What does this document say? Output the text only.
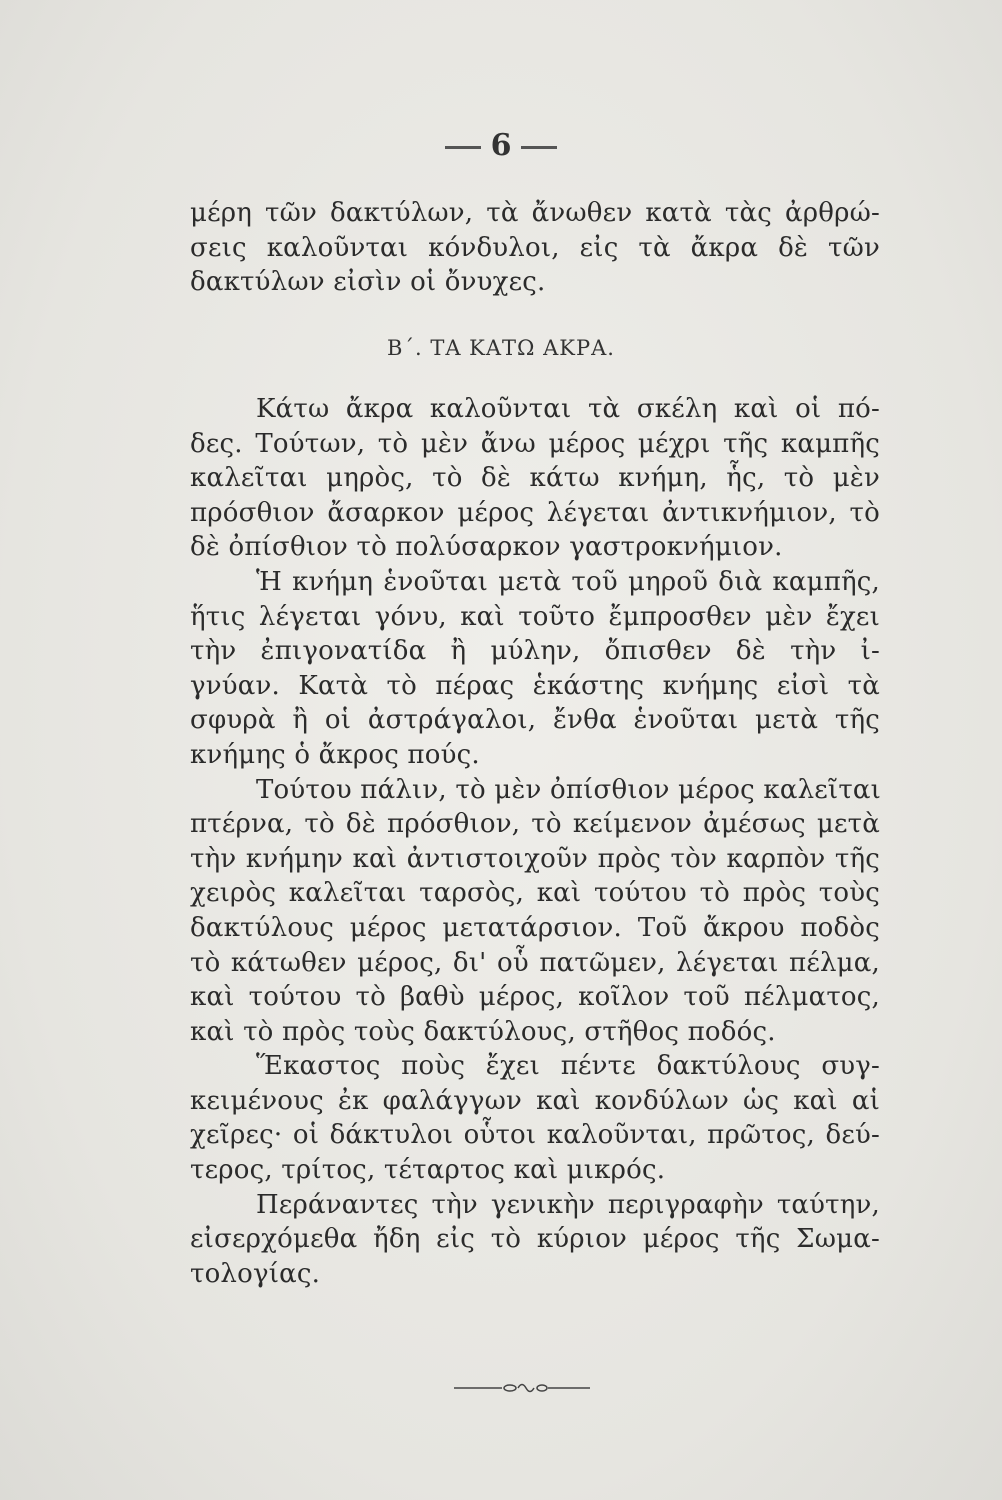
6
μέρη τῶν δακτύλων, τὰ ἄνωθεν κατὰ τὰς ἀρθρώ-
σεις καλοῦνται κόνδυλοι, εἰς τὰ ἄκρα δὲ τῶν
δακτύλων εἰσὶν οἱ ὄνυχες.
Β΄. ΤΑ ΚΑΤΩ ΑΚΡΑ.
Κάτω ἄκρα καλοῦνται τὰ σκέλη καὶ οἱ πό-
δες. Τούτων, τὸ μὲν ἄνω μέρος μέχρι τῆς καμπῆς
καλεῖται μηρὸς, τὸ δὲ κάτω κνήμη, ἧς, τὸ μὲν
πρόσθιον ἄσαρκον μέρος λέγεται ἀντικνήμιον, τὸ
δὲ ὀπίσθιον τὸ πολύσαρκον γαστροκνήμιον.
Ἡ κνήμη ἑνοῦται μετὰ τοῦ μηροῦ διὰ καμπῆς,
ἥτις λέγεται γόνυ, καὶ τοῦτο ἔμπροσθεν μὲν ἔχει
τὴν ἐπιγονατίδα ἢ μύλην, ὄπισθεν δὲ τὴν ἰ-
γνύαν. Κατὰ τὸ πέρας ἑκάστης κνήμης εἰσὶ τὰ
σφυρὰ ἢ οἱ ἀστράγαλοι, ἔνθα ἑνοῦται μετὰ τῆς
κνήμης ὁ ἄκρος πούς.
Τούτου πάλιν, τὸ μὲν ὀπίσθιον μέρος καλεῖται
πτέρνα, τὸ δὲ πρόσθιον, τὸ κείμενον ἀμέσως μετὰ
τὴν κνήμην καὶ ἀντιστοιχοῦν πρὸς τὸν καρπὸν τῆς
χειρὸς καλεῖται ταρσὸς, καὶ τούτου τὸ πρὸς τοὺς
δακτύλους μέρος μετατάρσιον. Τοῦ ἄκρου ποδὸς
τὸ κάτωθεν μέρος, δι' οὗ πατῶμεν, λέγεται πέλμα,
καὶ τούτου τὸ βαθὺ μέρος, κοῖλον τοῦ πέλματος,
καὶ τὸ πρὸς τοὺς δακτύλους, στῆθος ποδός.
Ἕκαστος ποὺς ἔχει πέντε δακτύλους συγ-
κειμένους ἐκ φαλάγγων καὶ κονδύλων ὡς καὶ αἱ
χεῖρες· οἱ δάκτυλοι οὗτοι καλοῦνται, πρῶτος, δεύ-
τερος, τρίτος, τέταρτος καὶ μικρός.
Περάναντες τὴν γενικὴν περιγραφὴν ταύτην,
εἰσερχόμεθα ἤδη εἰς τὸ κύριον μέρος τῆς Σωμα-
τολογίας.
